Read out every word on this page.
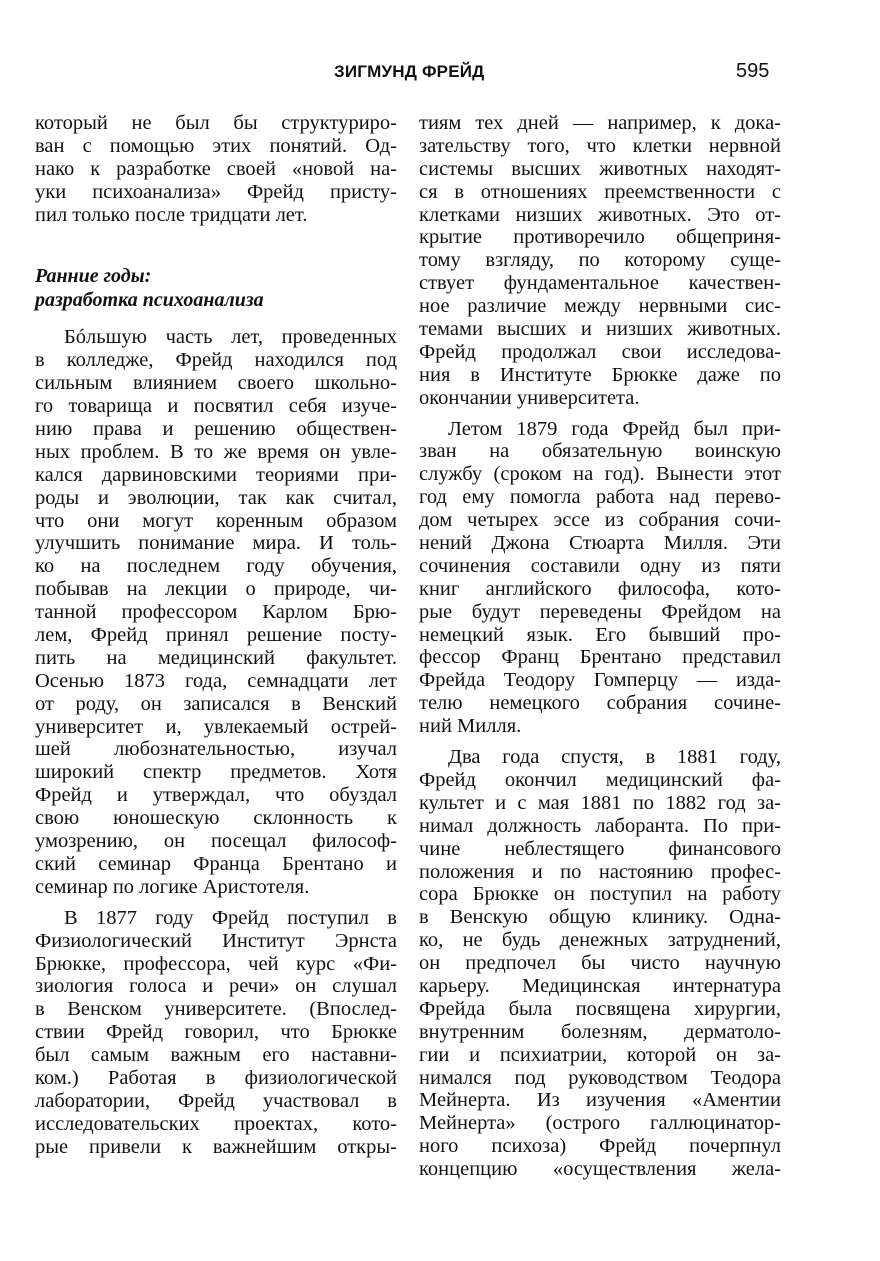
ЗИГМУНД ФРЕЙД	595
который не был бы структуриро-
ван с помощью этих понятий. Од-
нако к разработке своей «новой на-
уки психоанализа» Фрейд присту-
пил только после тридцати лет.
Ранние годы:
разработка психоанализа
Бóльшую часть лет, проведенных
в колледже, Фрейд находился под
сильным влиянием своего школьно-
го товарища и посвятил себя изуче-
нию права и решению обществен-
ных проблем. В то же время он увле-
кался дарвиновскими теориями при-
роды и эволюции, так как считал,
что они могут коренным образом
улучшить понимание мира. И толь-
ко на последнем году обучения,
побывав на лекции о природе, чи-
танной профессором Карлом Брю-
лем, Фрейд принял решение посту-
пить на медицинский факультет.
Осенью 1873 года, семнадцати лет
от роду, он записался в Венский
университет и, увлекаемый острей-
шей любознательностью, изучал
широкий спектр предметов. Хотя
Фрейд и утверждал, что обуздал
свою юношескую склонность к
умозрению, он посещал философ-
ский семинар Франца Брентано и
семинар по логике Аристотеля.
В 1877 году Фрейд поступил в
Физиологический Институт Эрнста
Брюкке, профессора, чей курс «Фи-
зиология голоса и речи» он слушал
в Венском университете. (Впослед-
ствии Фрейд говорил, что Брюкке
был самым важным его наставни-
ком.) Работая в физиологической
лаборатории, Фрейд участвовал в
исследовательских проектах, кото-
рые привели к важнейшим откры-
тиям тех дней — например, к дока-
зательству того, что клетки нервной
системы высших животных находят-
ся в отношениях преемственности с
клетками низших животных. Это от-
крытие противоречило общеприня-
тому взгляду, по которому суще-
ствует фундаментальное качествен-
ное различие между нервными сис-
темами высших и низших животных.
Фрейд продолжал свои исследова-
ния в Институте Брюкке даже по
окончании университета.
Летом 1879 года Фрейд был при-
зван на обязательную воинскую
службу (сроком на год). Вынести этот
год ему помогла работа над перево-
дом четырех эссе из собрания сочи-
нений Джона Стюарта Милля. Эти
сочинения составили одну из пяти
книг английского философа, кото-
рые будут переведены Фрейдом на
немецкий язык. Его бывший про-
фессор Франц Брентано представил
Фрейда Теодору Гомперцу — изда-
телю немецкого собрания сочине-
ний Милля.
Два года спустя, в 1881 году,
Фрейд окончил медицинский фа-
культет и с мая 1881 по 1882 год за-
нимал должность лаборанта. По при-
чине неблестящего финансового
положения и по настоянию профес-
сора Брюкке он поступил на работу
в Венскую общую клинику. Однa-
ко, не будь денежных затруднений,
он предпочел бы чисто научную
карьеру. Медицинская интернатура
Фрейда была посвящена хирургии,
внутренним болезням, дерматоло-
гии и психиатрии, которой он за-
нимался под руководством Теодора
Мейнерта. Из изучения «Аментии
Мейнерта» (острого галлюцинатор-
ного психоза) Фрейд почерпнул
концепцию «осуществления жела-
